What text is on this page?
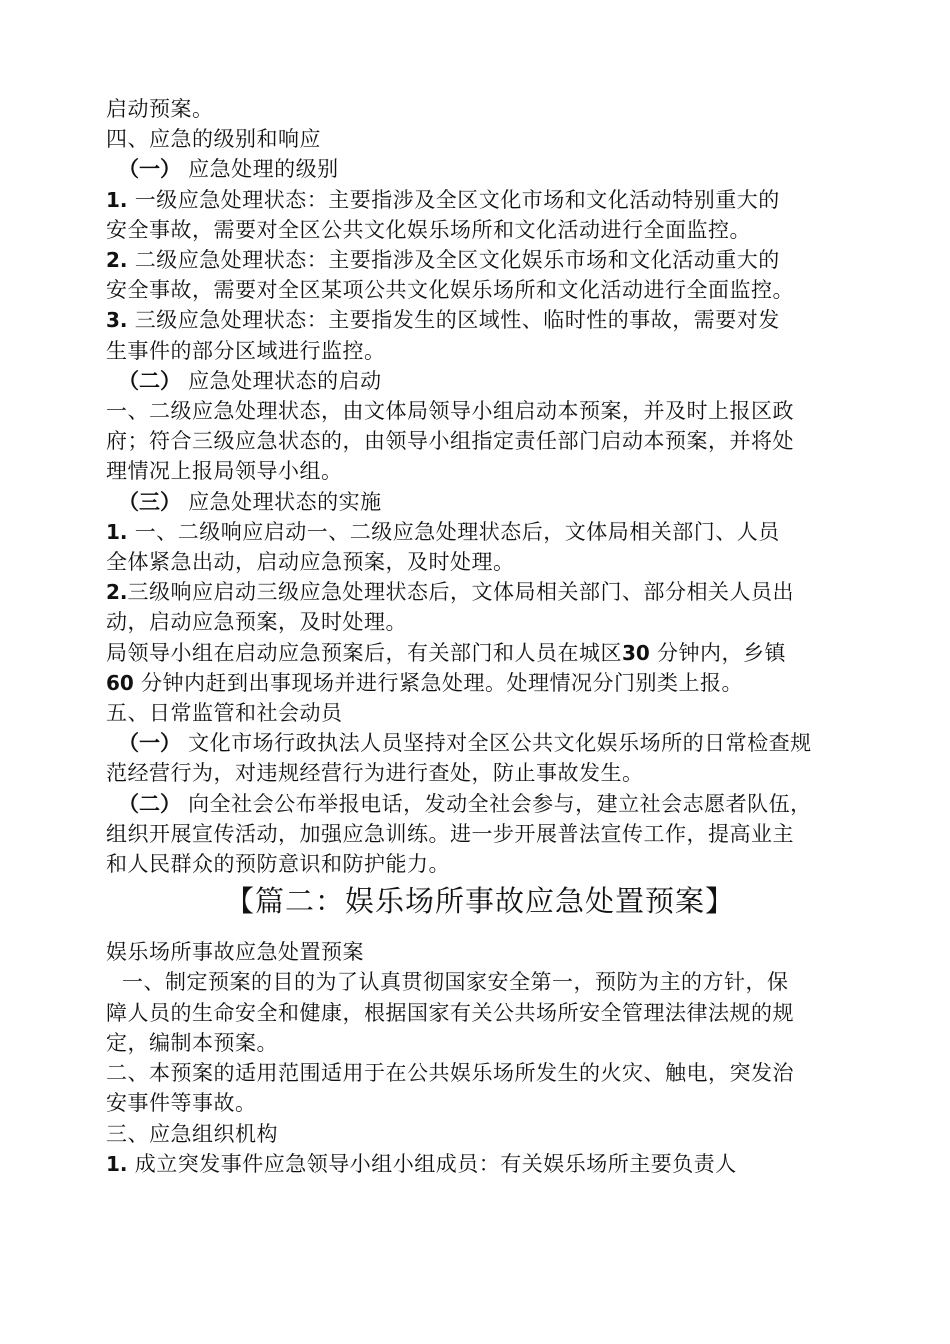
启动预案。
四、应急的级别和响应
（一） 应急处理的级别
1. 一级应急处理状态：主要指涉及全区文化市场和文化活动特别重大的
安全事故，需要对全区公共文化娱乐场所和文化活动进行全面监控。
2. 二级应急处理状态：主要指涉及全区文化娱乐市场和文化活动重大的
安全事故，需要对全区某项公共文化娱乐场所和文化活动进行全面监控。
3. 三级应急处理状态：主要指发生的区域性、临时性的事故，需要对发
生事件的部分区域进行监控。
（二） 应急处理状态的启动
一、二级应急处理状态，由文体局领导小组启动本预案，并及时上报区政
府；符合三级应急状态的，由领导小组指定责任部门启动本预案，并将处
理情况上报局领导小组。
（三） 应急处理状态的实施
1. 一、二级响应启动一、二级应急处理状态后，文体局相关部门、人员
全体紧急出动，启动应急预案，及时处理。
2.三级响应启动三级应急处理状态后，文体局相关部门、部分相关人员出
动，启动应急预案，及时处理。
局领导小组在启动应急预案后，有关部门和人员在城区30 分钟内，乡镇
60 分钟内赶到出事现场并进行紧急处理。处理情况分门别类上报。
五、日常监管和社会动员
（一） 文化市场行政执法人员坚持对全区公共文化娱乐场所的日常检查规
范经营行为，对违规经营行为进行查处，防止事故发生。
（二） 向全社会公布举报电话，发动全社会参与，建立社会志愿者队伍，
组织开展宣传活动，加强应急训练。进一步开展普法宣传工作，提高业主
和人民群众的预防意识和防护能力。
【篇二：娱乐场所事故应急处置预案】
娱乐场所事故应急处置预案
一、制定预案的目的为了认真贯彻国家安全第一，预防为主的方针，保
障人员的生命安全和健康，根据国家有关公共场所安全管理法律法规的规
定，编制本预案。
二、本预案的适用范围适用于在公共娱乐场所发生的火灾、触电，突发治
安事件等事故。
三、应急组织机构
1. 成立突发事件应急领导小组小组成员：有关娱乐场所主要负责人
